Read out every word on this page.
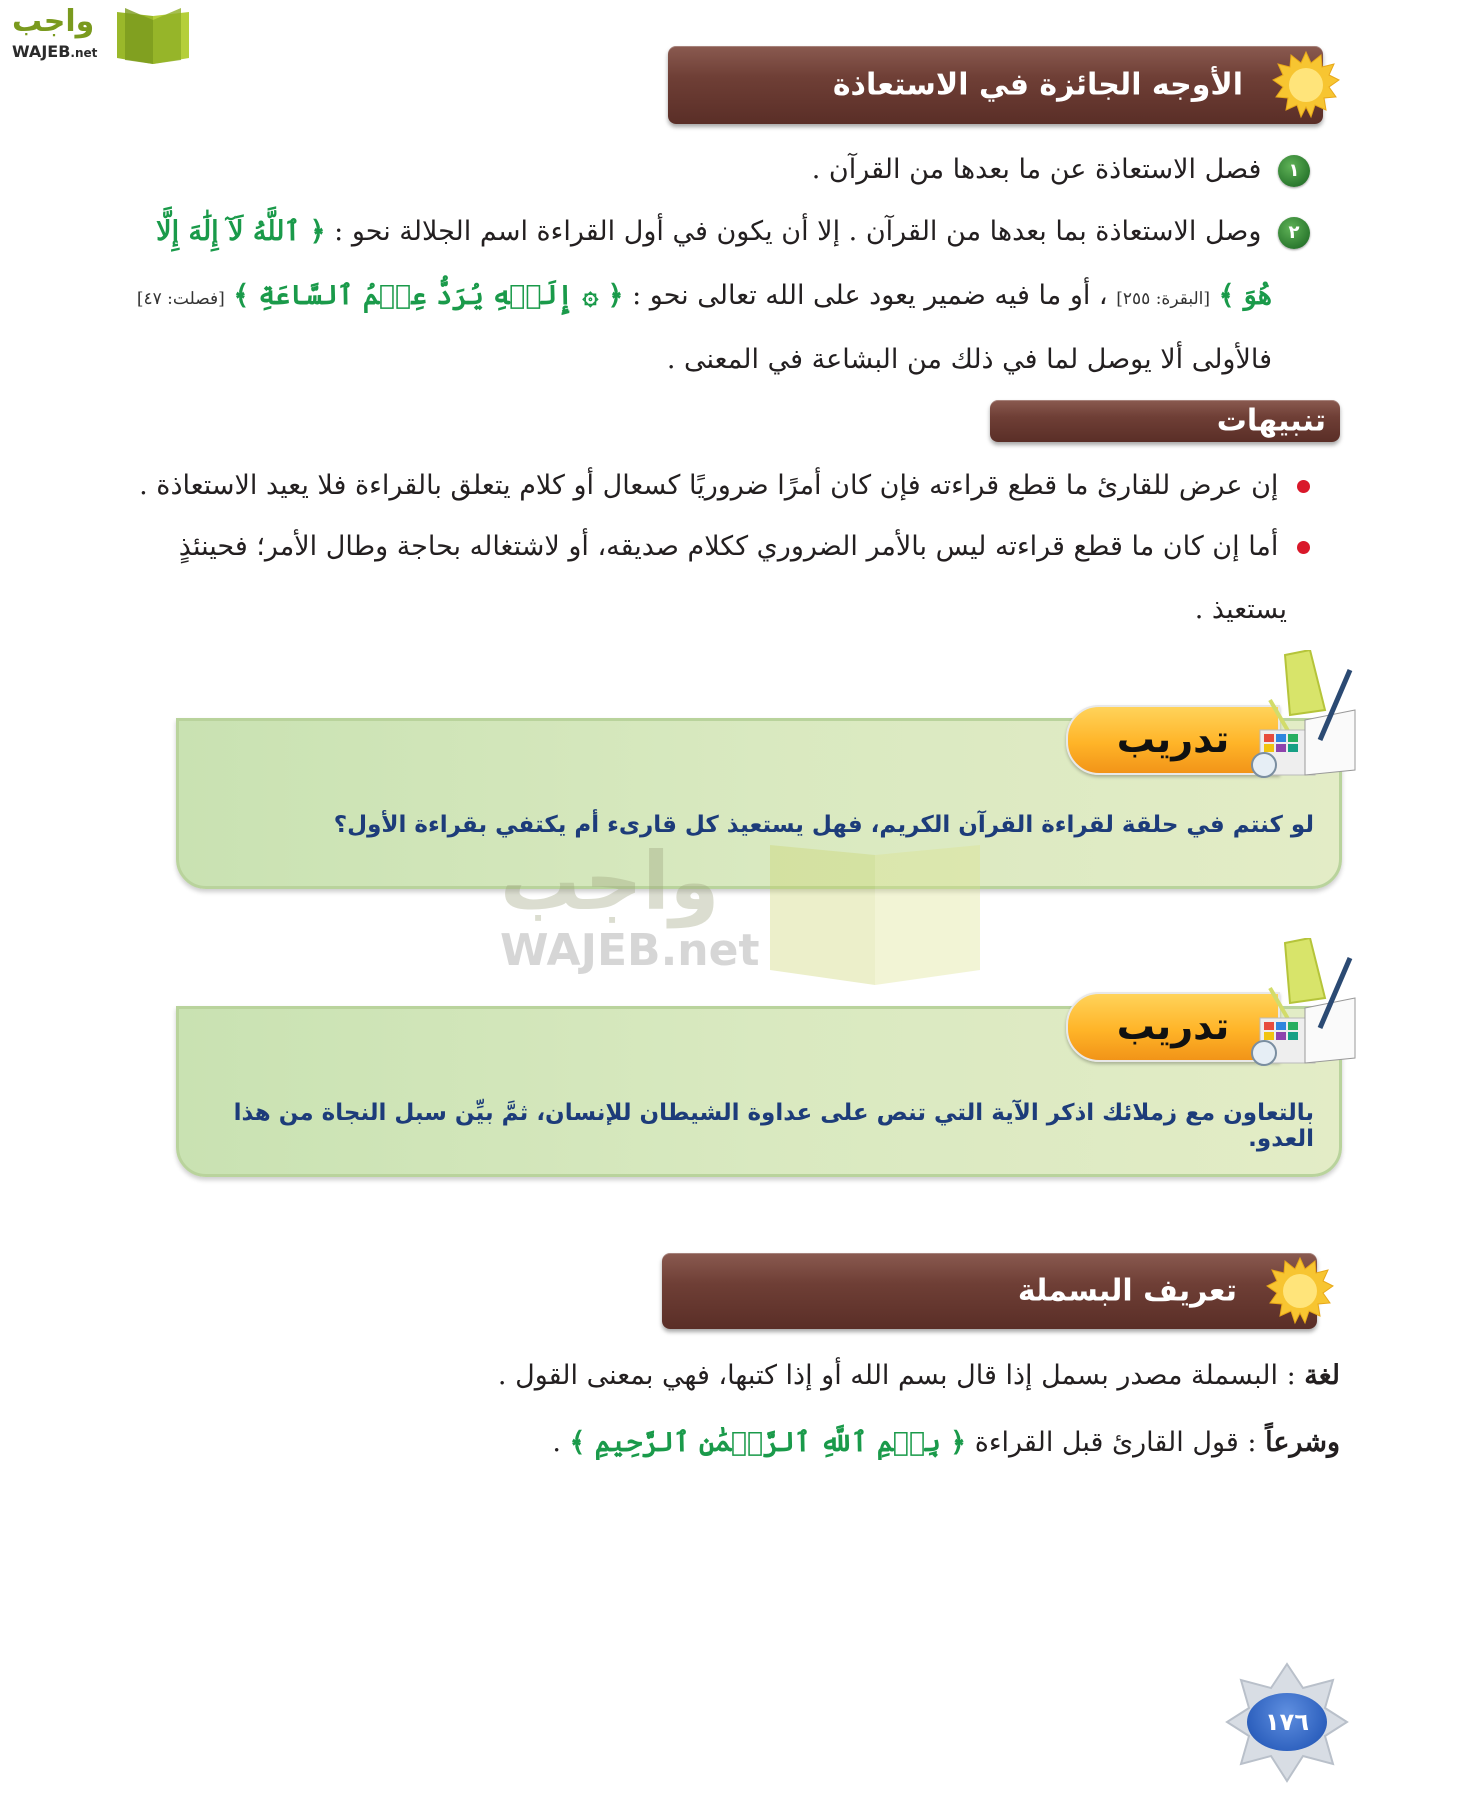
واجب
WAJEB.net
الأوجه الجائزة في الاستعاذة
١ فصل الاستعاذة عن ما بعدها من القرآن .
٢ وصل الاستعاذة بما بعدها من القرآن . إلا أن يكون في أول القراءة اسم الجلالة نحو : ﴿ ٱللَّهُ لَآ إِلَٰهَ إِلَّا
هُوَ ﴾ [البقرة: ٢٥٥] ، أو ما فيه ضمير يعود على الله تعالى نحو : ﴿ ۞ إِلَيۡهِ يُرَدُّ عِلۡمُ ٱلسَّاعَةِ ﴾ [فصلت: ٤٧]
فالأولى ألا يوصل لما في ذلك من البشاعة في المعنى .
تنبيهات
إن عرض للقارئ ما قطع قراءته فإن كان أمرًا ضروريًا كسعال أو كلام يتعلق بالقراءة فلا يعيد الاستعاذة .
أما إن كان ما قطع قراءته ليس بالأمر الضروري ككلام صديقه، أو لاشتغاله بحاجة وطال الأمر؛ فحينئذٍ
يستعيذ .
تدريب
لو كنتم في حلقة لقراءة القرآن الكريم، فهل يستعيذ كل قارىء أم يكتفي بقراءة الأول؟
واجب
WAJEB.net
تدريب
بالتعاون مع زملائك اذكر الآية التي تنص على عداوة الشيطان للإنسان، ثمَّ بيِّن سبل النجاة من هذا العدو.
تعريف البسملة
لغة : البسملة مصدر بسمل إذا قال بسم الله أو إذا كتبها، فهي بمعنى القول .
وشرعاً : قول القارئ قبل القراءة ﴿ بِسۡمِ ٱللَّهِ ٱلرَّحۡمَٰنِ ٱلرَّحِيمِ ﴾ .
١٧٦
